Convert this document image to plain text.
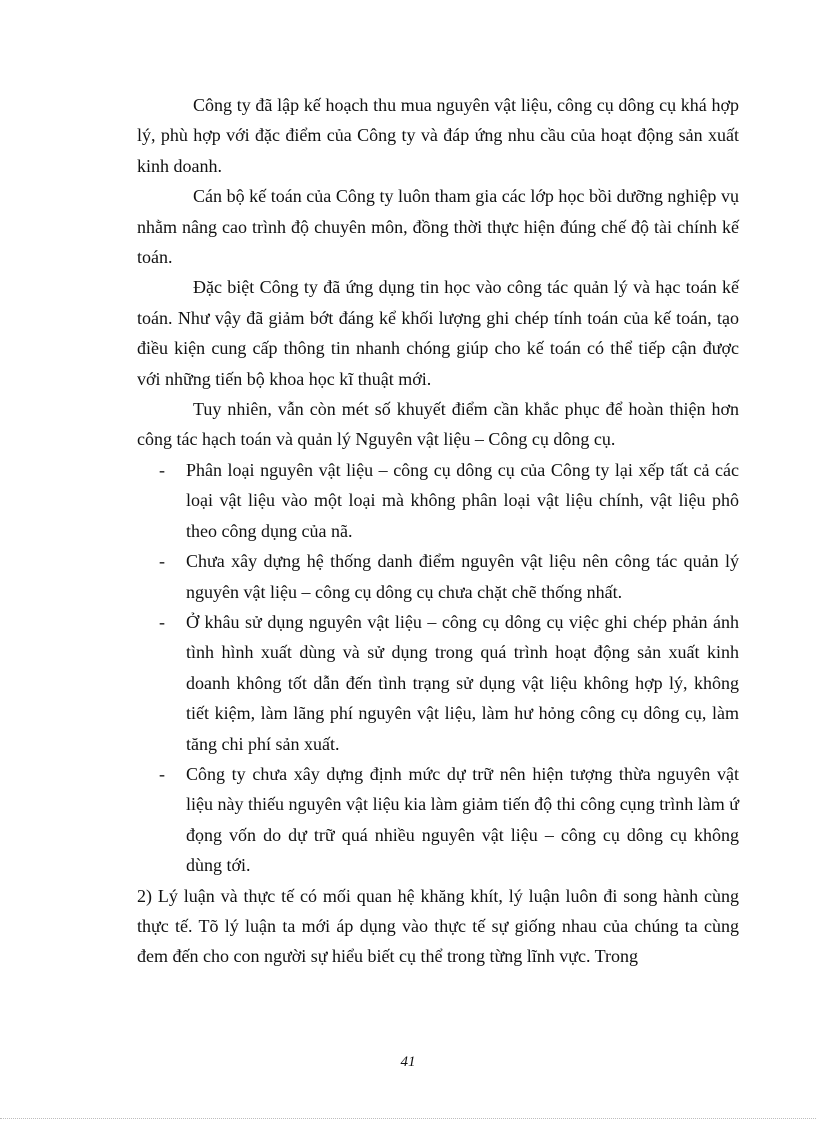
Công ty đã lập kế hoạch thu mua nguyên vật liệu, công cụ dông cụ khá hợp lý, phù hợp với đặc điểm của Công ty và đáp ứng nhu cầu của hoạt động sản xuất kinh doanh.

Cán bộ kế toán của Công ty luôn tham gia các lớp học bồi dưỡng nghiệp vụ nhằm nâng cao trình độ chuyên môn, đồng thời thực hiện đúng chế độ tài chính kế toán.

Đặc biệt Công ty đã ứng dụng tin học vào công tác quản lý và hạc toán kế toán. Như vậy đã giảm bớt đáng kể khối lượng ghi chép tính toán của kế toán, tạo điều kiện cung cấp thông tin nhanh chóng giúp cho kế toán có thể tiếp cận được với những tiến bộ khoa học kĩ thuật mới.

Tuy nhiên, vẫn còn mét số khuyết điểm cần khắc phục để hoàn thiện hơn công tác hạch toán và quản lý Nguyên vật liệu – Công cụ dông cụ.

- Phân loại nguyên vật liệu – công cụ dông cụ của Công ty lại xếp tất cả các loại vật liệu vào một loại mà không phân loại vật liệu chính, vật liệu phô theo công dụng của nã.
- Chưa xây dựng hệ thống danh điểm nguyên vật liệu nên công tác quản lý nguyên vật liệu – công cụ dông cụ chưa chặt chẽ thống nhất.
- Ở khâu sử dụng nguyên vật liệu – công cụ dông cụ việc ghi chép phản ánh tình hình xuất dùng và sử dụng trong quá trình hoạt động sản xuất kinh doanh không tốt dẫn đến tình trạng sử dụng vật liệu không hợp lý, không tiết kiệm, làm lãng phí nguyên vật liệu, làm hư hỏng công cụ dông cụ, làm tăng chi phí sản xuất.
- Công ty chưa xây dựng định mức dự trữ nên hiện tượng thừa nguyên vật liệu này thiếu nguyên vật liệu kia làm giảm tiến độ thi công cụng trình làm ứ đọng vốn do dự trữ quá nhiều nguyên vật liệu – công cụ dông cụ không dùng tới.

2) Lý luận và thực tế có mối quan hệ khăng khít, lý luận luôn đi song hành cùng thực tế. Tõ lý luận ta mới áp dụng vào thực tế sự giống nhau của chúng ta cùng đem đến cho con người sự hiểu biết cụ thể trong từng lĩnh vực. Trong

41
